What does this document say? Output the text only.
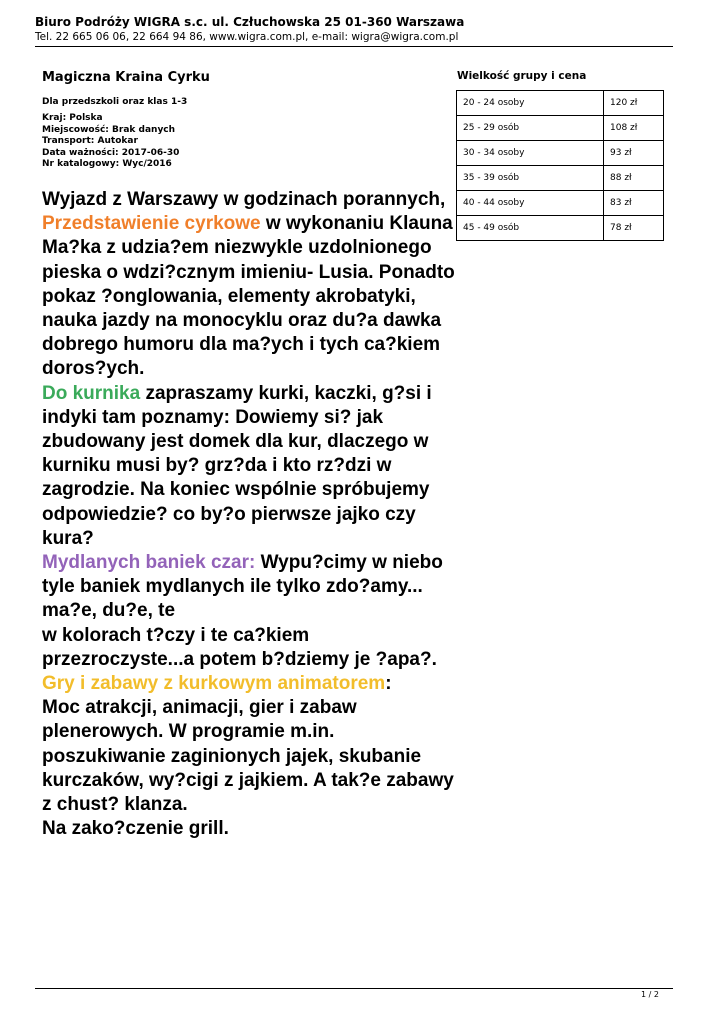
Biuro Podróży WIGRA s.c. ul. Człuchowska 25 01-360 Warszawa
Tel. 22 665 06 06, 22 664 94 86, www.wigra.com.pl, e-mail: wigra@wigra.com.pl
Magiczna Kraina Cyrku
Dla przedszkoli oraz klas 1-3
Kraj: Polska
Miejscowość: Brak danych
Transport: Autokar
Data ważności: 2017-06-30
Nr katalogowy: Wyc/2016

Wyjazd z Warszawy w godzinach porannych,

Przedstawienie cyrkowe w wykonaniu Klauna Ma?ka z udzia?em niezwykle uzdolnionego pieska o wdzi?cznym imieniu- Lusia. Ponadto pokaz ?onglowania, elementy akrobatyki, nauka jazdy na monocyklu oraz du?a dawka dobrego humoru dla ma?ych i tych ca?kiem doros?ych.

Do kurnika zapraszamy kurki, kaczki, g?si i indyki tam poznamy: Dowiemy si? jak zbudowany jest domek dla kur, dlaczego w kurniku musi by? grz?da i kto rz?dzi w zagrodzie. Na koniec wspólnie spróbujemy odpowiedzie? co by?o pierwsze jajko czy kura?

Mydlanych baniek czar: Wypu?cimy w niebo tyle baniek mydlanych ile tylko zdo?amy... ma?e, du?e, te

w kolorach t?czy i te ca?kiem przezroczyste...a potem b?dziemy je ?apa?.

Gry i zabawy z kurkowym animatorem:

Moc atrakcji, animacji, gier i zabaw plenerowych. W programie m.in. poszukiwanie zaginionych jajek, skubanie kurczaków, wy?cigi z jajkiem. A tak?e zabawy z chust? klanza.

Na zako?czenie grill.

Wielkość grupy i cena
20 - 24 osoby	120 zł
25 - 29 osób	108 zł
30 - 34 osoby	93 zł
35 - 39 osób	88 zł
40 - 44 osoby	83 zł
45 - 49 osób	78 zł
1 / 2
